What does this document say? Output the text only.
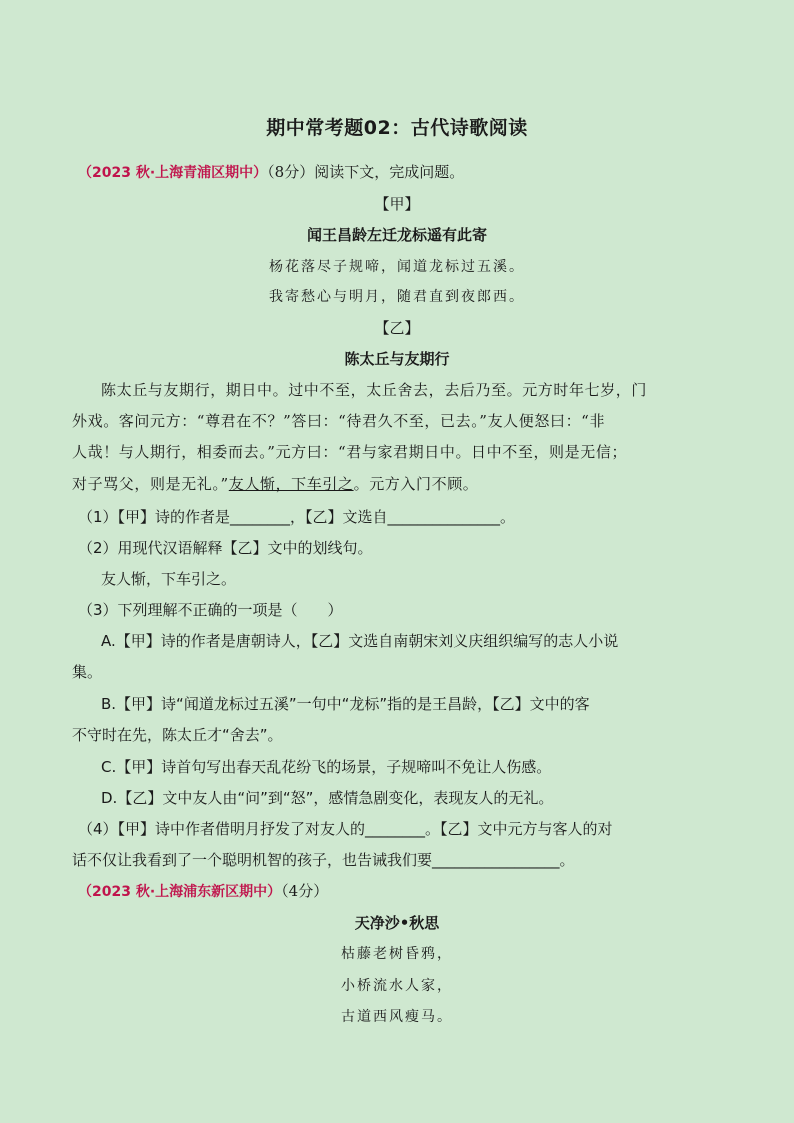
期中常考题02：古代诗歌阅读
（2023 秋·上海青浦区期中）（8分）阅读下文，完成问题。
【甲】
闻王昌龄左迁龙标遥有此寄
杨花落尽子规啼，闻道龙标过五溪。
我寄愁心与明月，随君直到夜郎西。
【乙】
陈太丘与友期行
陈太丘与友期行，期日中。过中不至，太丘舍去，去后乃至。元方时年七岁，门
外戏。客问元方：“尊君在不？”答曰：“待君久不至，已去。”友人便怒曰：“非
人哉！与人期行，相委而去。”元方曰：“君与家君期日中。日中不至，则是无信；
对子骂父，则是无礼。”友人惭，下车引之。元方入门不顾。
（1）【甲】诗的作者是________，【乙】文选自_______________。
（2）用现代汉语解释【乙】文中的划线句。
友人惭，下车引之。
（3）下列理解不正确的一项是（　　）
A.【甲】诗的作者是唐朝诗人，【乙】文选自南朝宋刘义庆组织编写的志人小说
集。
B.【甲】诗“闻道龙标过五溪”一句中“龙标”指的是王昌龄，【乙】文中的客
不守时在先，陈太丘才“舍去”。
C.【甲】诗首句写出春天乱花纷飞的场景，子规啼叫不免让人伤感。
D.【乙】文中友人由“问”到“怒”，感情急剧变化，表现友人的无礼。
（4）【甲】诗中作者借明月抒发了对友人的________。【乙】文中元方与客人的对
话不仅让我看到了一个聪明机智的孩子，也告诫我们要_________________。
（2023 秋·上海浦东新区期中）（4分）
天净沙•秋思
枯藤老树昏鸦，
小桥流水人家，
古道西风瘦马。
